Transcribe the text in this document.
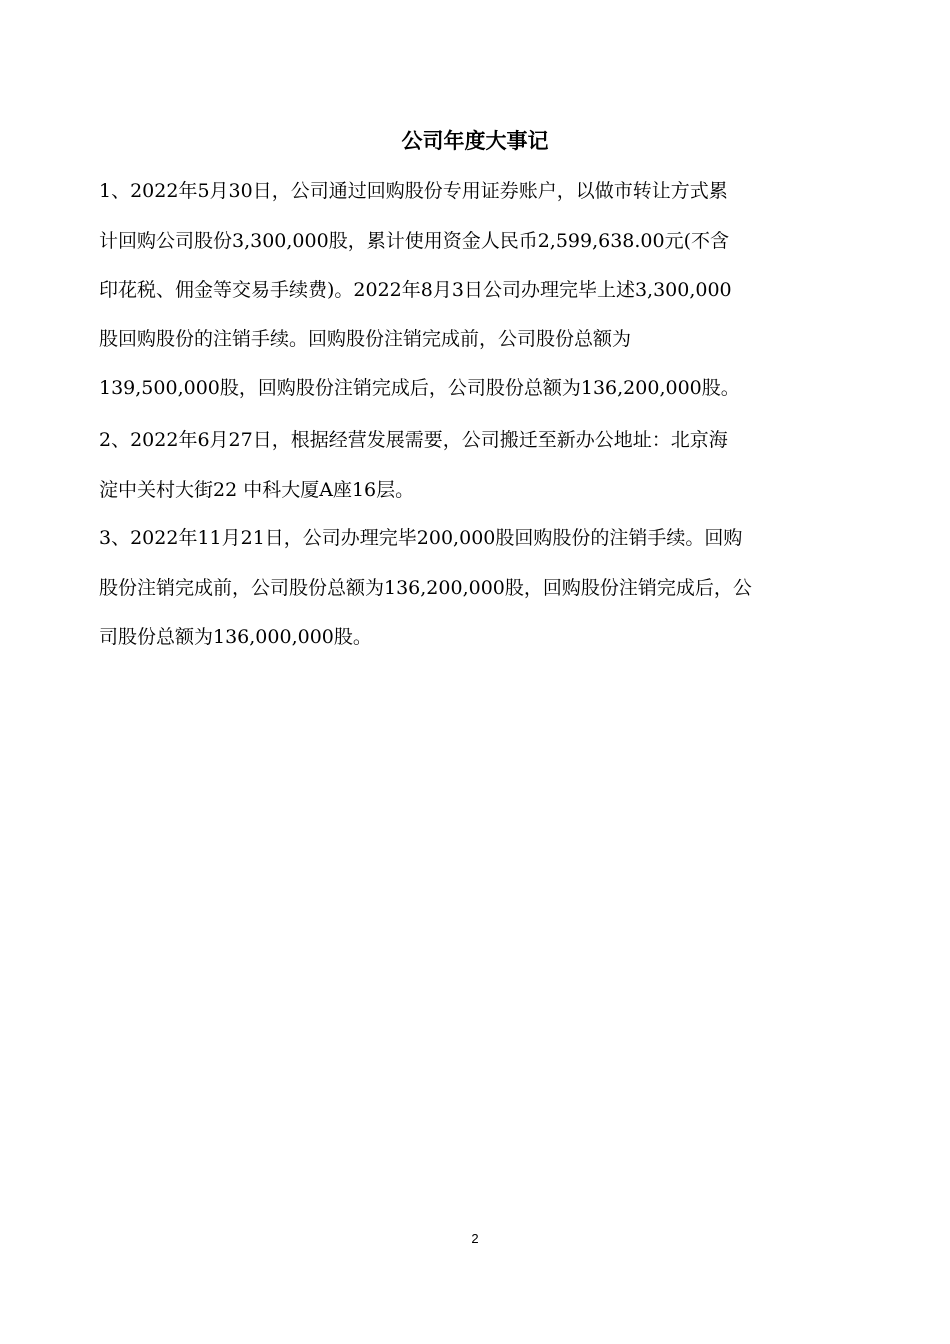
公司年度大事记
1、2022年5月30日，公司通过回购股份专用证券账户，以做市转让方式累
计回购公司股份3,300,000股，累计使用资金人民币2,599,638.00元(不含
印花税、佣金等交易手续费)。2022年8月3日公司办理完毕上述3,300,000
股回购股份的注销手续。回购股份注销完成前，公司股份总额为
139,500,000股，回购股份注销完成后，公司股份总额为136,200,000股。
2、2022年6月27日，根据经营发展需要，公司搬迁至新办公地址：北京海
淀中关村大街22 中科大厦A座16层。
3、2022年11月21日，公司办理完毕200,000股回购股份的注销手续。回购
股份注销完成前，公司股份总额为136,200,000股，回购股份注销完成后，公
司股份总额为136,000,000股。
2
